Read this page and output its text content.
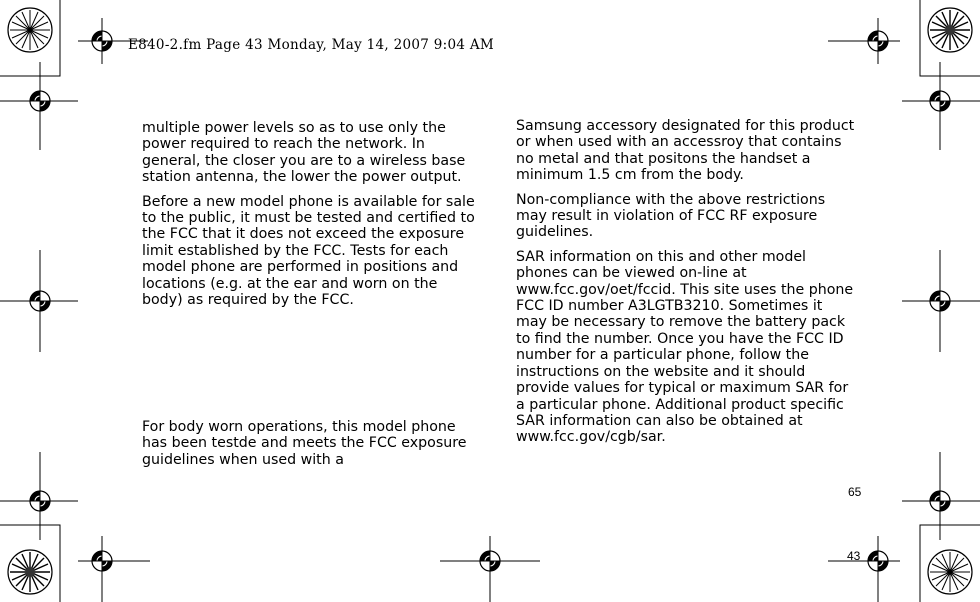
E840-2.fm Page 43 Monday, May 14, 2007 9:04 AM

multiple power levels so as to use only the power required to reach the network. In general, the closer you are to a wireless base station antenna, the lower the power output.

Before a new model phone is available for sale to the public, it must be tested and certified to the FCC that it does not exceed the exposure limit established by the FCC. Tests for each model phone are performed in positions and locations (e.g. at the ear and worn on the body) as required by the FCC.

For body worn operations, this model phone has been testde and meets the FCC exposure guidelines when used with a

Samsung accessory designated for this product or when used with an accessroy that contains no metal and that positons the handset a minimum 1.5 cm from the body.

Non-compliance with the above restrictions may result in violation of FCC RF exposure guidelines.

SAR information on this and other model phones can be viewed on-line at www.fcc.gov/oet/fccid. This site uses the phone FCC ID number A3LGTB3210. Sometimes it may be necessary to remove the battery pack to find the number. Once you have the FCC ID number for a particular phone, follow the instructions on the website and it should provide values for typical or maximum SAR for a particular phone. Additional product specific SAR information can also be obtained at www.fcc.gov/cgb/sar.

65
43
